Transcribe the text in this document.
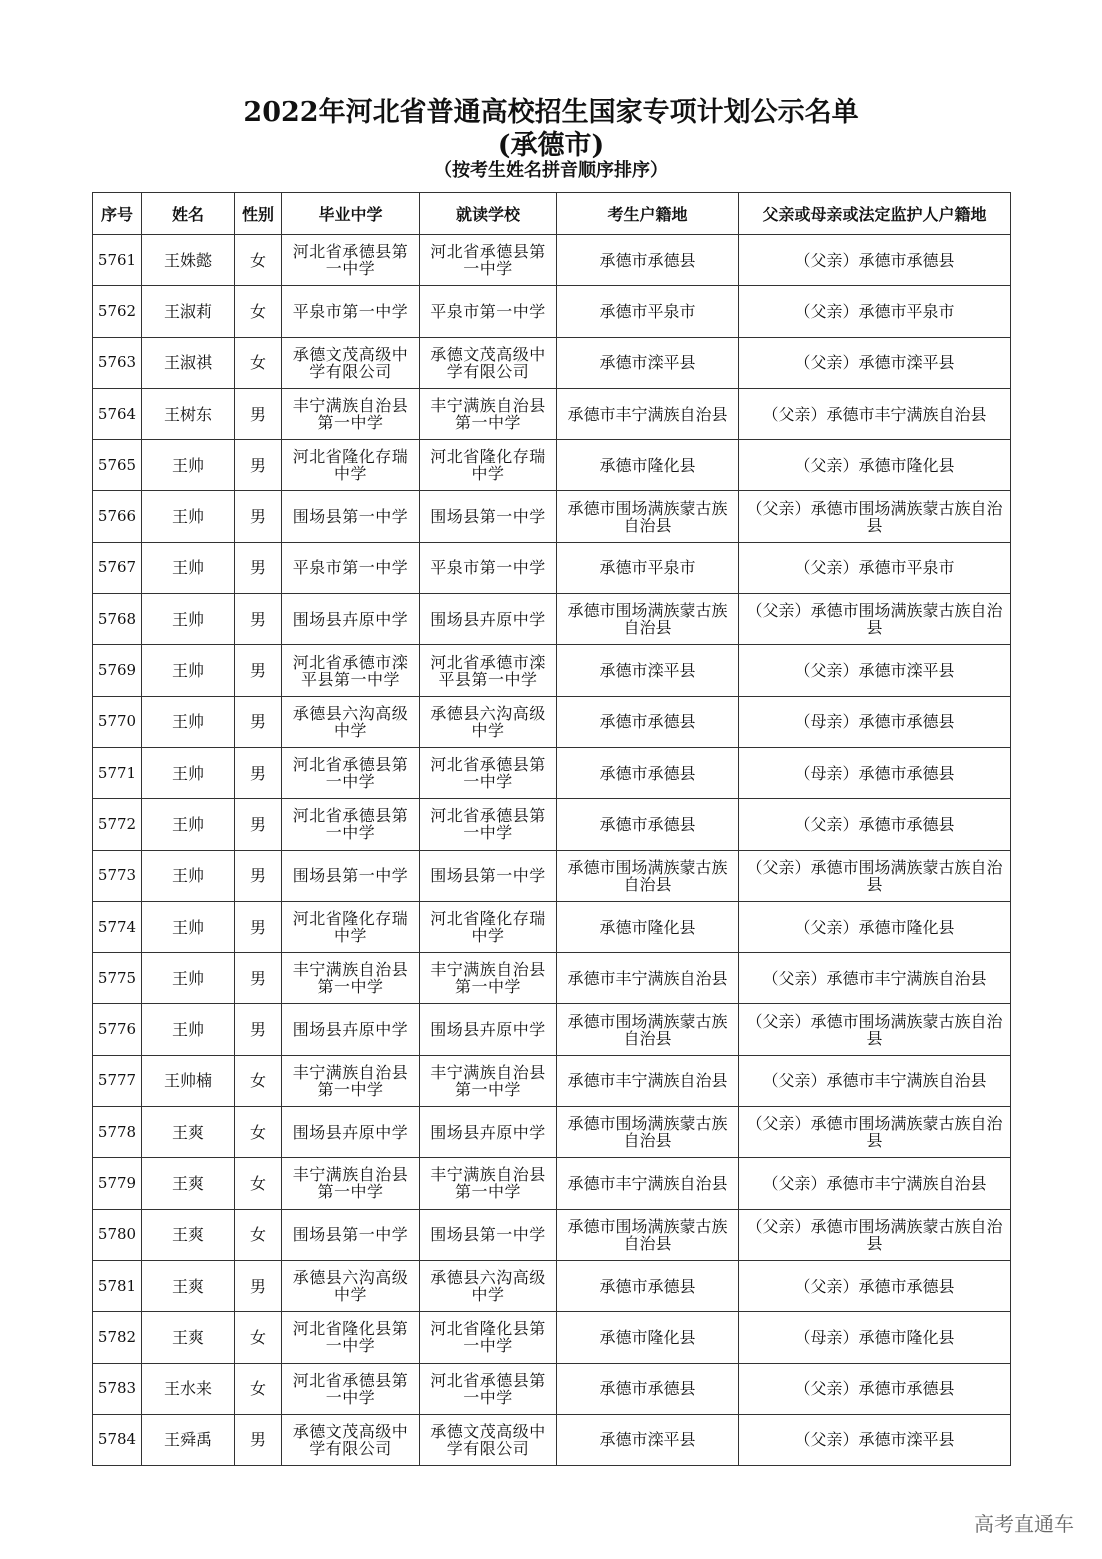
2022年河北省普通高校招生国家专项计划公示名单
(承德市)
（按考生姓名拼音顺序排序）
序号	姓名	性别	毕业中学	就读学校	考生户籍地	父亲或母亲或法定监护人户籍地
5761	王姝懿	女	河北省承德县第一中学	河北省承德县第一中学	承德市承德县	（父亲）承德市承德县
5762	王淑莉	女	平泉市第一中学	平泉市第一中学	承德市平泉市	（父亲）承德市平泉市
5763	王淑祺	女	承德文茂高级中学有限公司	承德文茂高级中学有限公司	承德市滦平县	（父亲）承德市滦平县
5764	王树东	男	丰宁满族自治县第一中学	丰宁满族自治县第一中学	承德市丰宁满族自治县	（父亲）承德市丰宁满族自治县
5765	王帅	男	河北省隆化存瑞中学	河北省隆化存瑞中学	承德市隆化县	（父亲）承德市隆化县
5766	王帅	男	围场县第一中学	围场县第一中学	承德市围场满族蒙古族自治县	（父亲）承德市围场满族蒙古族自治县
5767	王帅	男	平泉市第一中学	平泉市第一中学	承德市平泉市	（父亲）承德市平泉市
5768	王帅	男	围场县卉原中学	围场县卉原中学	承德市围场满族蒙古族自治县	（父亲）承德市围场满族蒙古族自治县
5769	王帅	男	河北省承德市滦平县第一中学	河北省承德市滦平县第一中学	承德市滦平县	（父亲）承德市滦平县
5770	王帅	男	承德县六沟高级中学	承德县六沟高级中学	承德市承德县	（母亲）承德市承德县
5771	王帅	男	河北省承德县第一中学	河北省承德县第一中学	承德市承德县	（母亲）承德市承德县
5772	王帅	男	河北省承德县第一中学	河北省承德县第一中学	承德市承德县	（父亲）承德市承德县
5773	王帅	男	围场县第一中学	围场县第一中学	承德市围场满族蒙古族自治县	（父亲）承德市围场满族蒙古族自治县
5774	王帅	男	河北省隆化存瑞中学	河北省隆化存瑞中学	承德市隆化县	（父亲）承德市隆化县
5775	王帅	男	丰宁满族自治县第一中学	丰宁满族自治县第一中学	承德市丰宁满族自治县	（父亲）承德市丰宁满族自治县
5776	王帅	男	围场县卉原中学	围场县卉原中学	承德市围场满族蒙古族自治县	（父亲）承德市围场满族蒙古族自治县
5777	王帅楠	女	丰宁满族自治县第一中学	丰宁满族自治县第一中学	承德市丰宁满族自治县	（父亲）承德市丰宁满族自治县
5778	王爽	女	围场县卉原中学	围场县卉原中学	承德市围场满族蒙古族自治县	（父亲）承德市围场满族蒙古族自治县
5779	王爽	女	丰宁满族自治县第一中学	丰宁满族自治县第一中学	承德市丰宁满族自治县	（父亲）承德市丰宁满族自治县
5780	王爽	女	围场县第一中学	围场县第一中学	承德市围场满族蒙古族自治县	（父亲）承德市围场满族蒙古族自治县
5781	王爽	男	承德县六沟高级中学	承德县六沟高级中学	承德市承德县	（父亲）承德市承德县
5782	王爽	女	河北省隆化县第一中学	河北省隆化县第一中学	承德市隆化县	（母亲）承德市隆化县
5783	王水来	女	河北省承德县第一中学	河北省承德县第一中学	承德市承德县	（父亲）承德市承德县
5784	王舜禹	男	承德文茂高级中学有限公司	承德文茂高级中学有限公司	承德市滦平县	（父亲）承德市滦平县
高考直通车
